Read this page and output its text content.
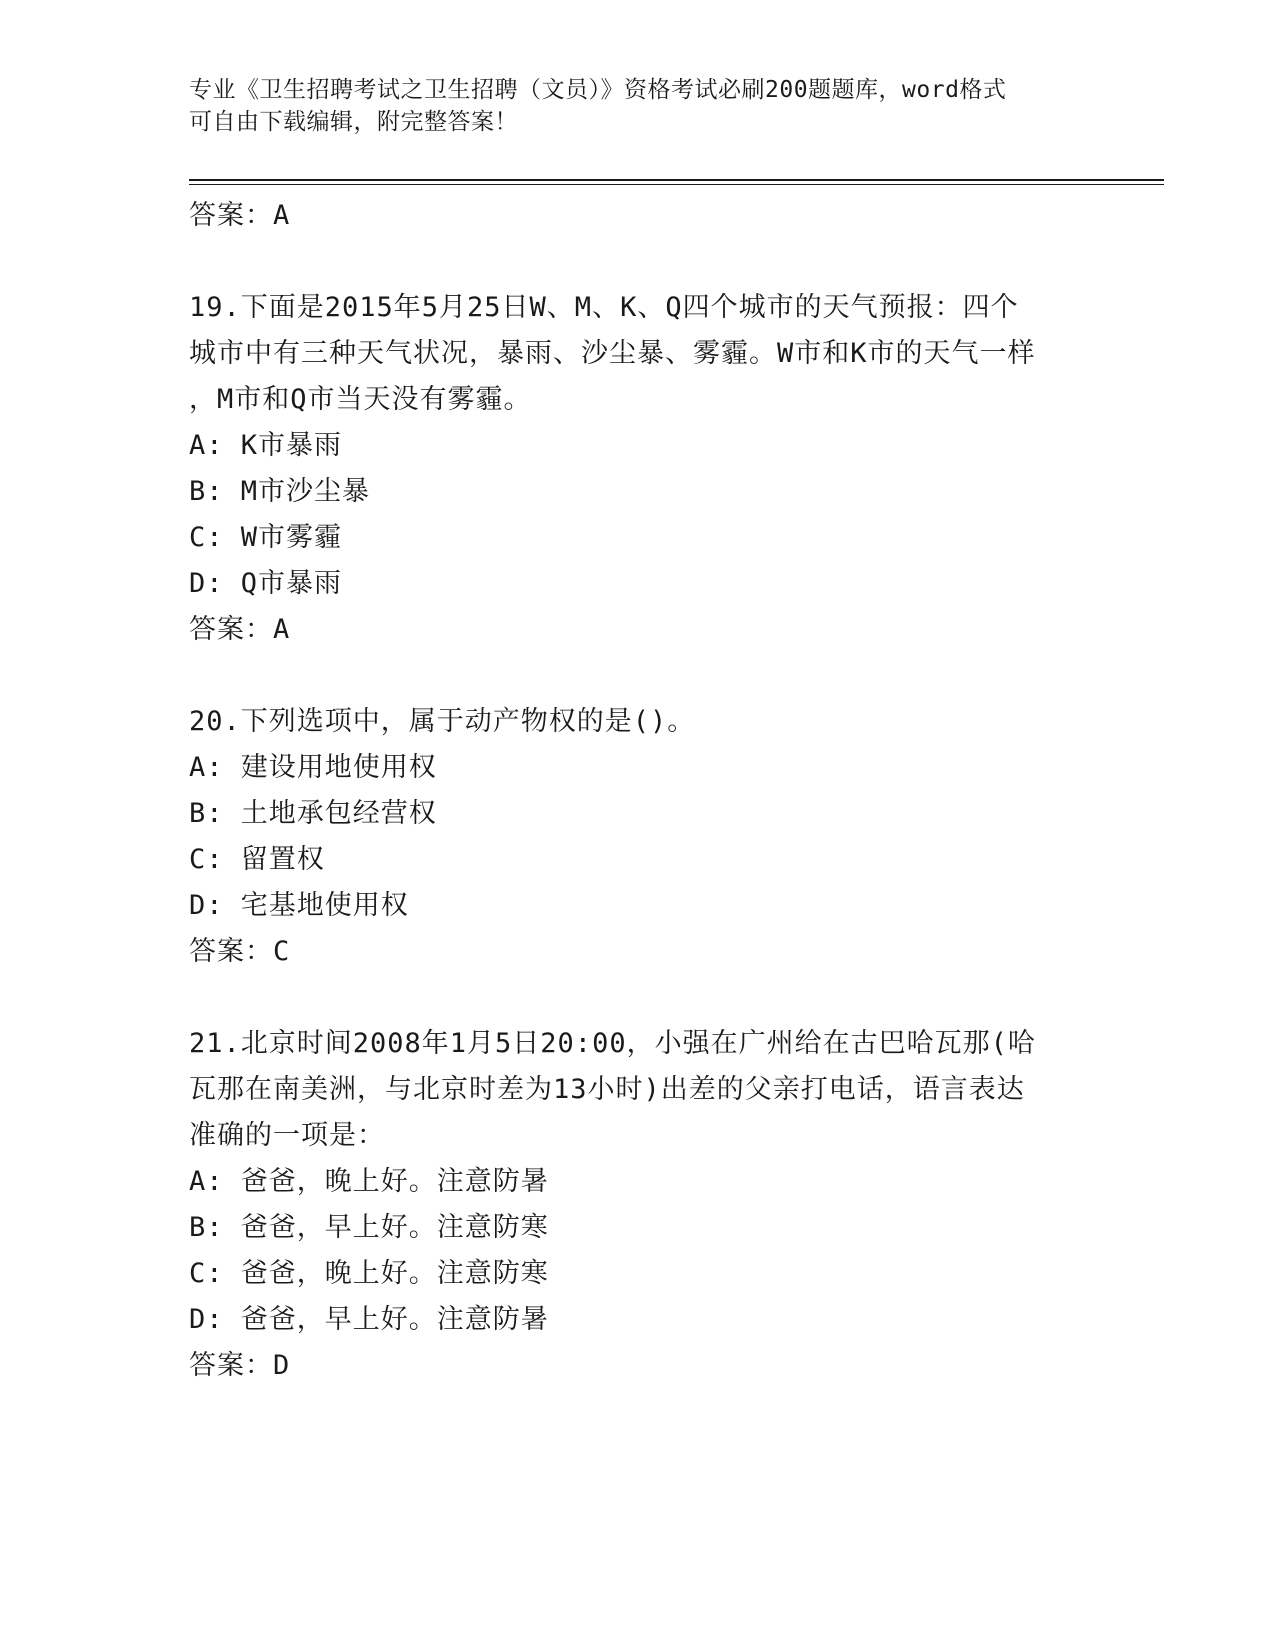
专业《卫生招聘考试之卫生招聘（文员）》资格考试必刷200题题库，word格式
可自由下载编辑，附完整答案！
答案：A
19.下面是2015年5月25日W、M、K、Q四个城市的天气预报：四个
城市中有三种天气状况，暴雨、沙尘暴、雾霾。W市和K市的天气一样
，M市和Q市当天没有雾霾。
A: K市暴雨
B: M市沙尘暴
C: W市雾霾
D: Q市暴雨
答案：A
20.下列选项中，属于动产物权的是()。
A: 建设用地使用权
B: 土地承包经营权
C: 留置权
D: 宅基地使用权
答案：C
21.北京时间2008年1月5日20:00，小强在广州给在古巴哈瓦那(哈
瓦那在南美洲，与北京时差为13小时)出差的父亲打电话，语言表达
准确的一项是：
A: 爸爸，晚上好。注意防暑
B: 爸爸，早上好。注意防寒
C: 爸爸，晚上好。注意防寒
D: 爸爸，早上好。注意防暑
答案：D
